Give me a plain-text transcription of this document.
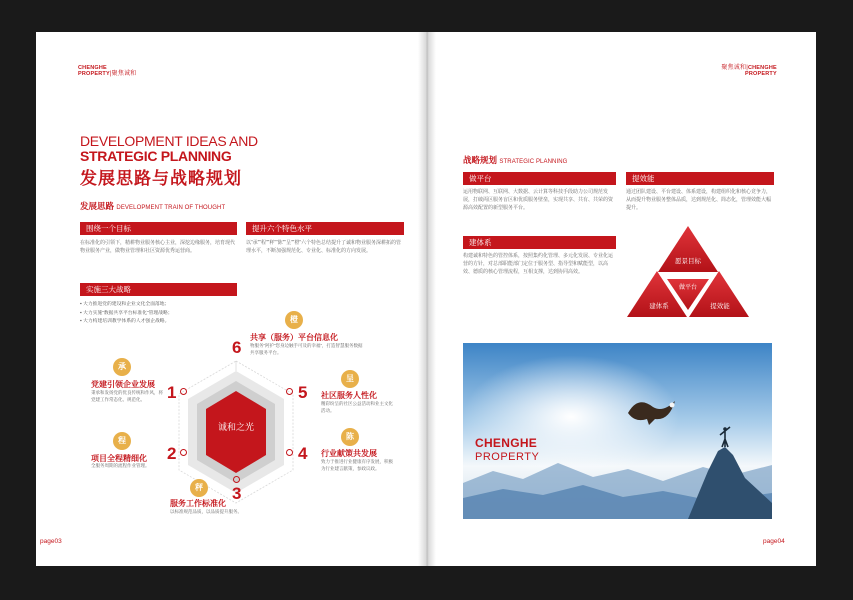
CHENGHE
PROPERTY|聚焦诚和
DEVELOPMENT IDEAS AND
STRATEGIC PLANNING
发展思路与战略规划
发展思路 DEVELOPMENT TRAIN OF THOUGHT
围绕一个目标
在标准化的引领下，精耕物业服务核心主业，深挖边缘服务，培育现代物业服务产业，做物业管理和社区资源优秀运营商。
提升六个特色水平
以“承”“程”“秤”“陈”“呈”“橙”六个特色总结提升了诚和物业服务深耕拓的管理水平，不断加强规范化、专业化、标准化的方向发展。
实施三大战略
▪ 大力推进党的建设和企业文化全面落地；
▪ 大力实施“数据共享平台标准化”管理战略；
▪ 大力构建培训教学体系的人才强企战略。
诚和之光
橙
6
共享（服务）平台信息化
物服务“阿护”您身边触手可及的幸福”，打造智慧服务数据共享服务平台。
承
党建引领企业发展
秉承和发扬党的优良传统和作风，将党建工作常态化、规范化。	1
程
项目全程精细化
全服务周期的流程作业管理。
2
秤 3
服务工作标准化
以标准规范品质，以品质提升服务。
呈
5 社区服务人性化
精彩纷呈的社区公益活动和业主文化活动。
陈
4 行业献策共发展
致力于推进行业健康有序发展，积极为行业建言献策，参政议政。
page03
聚焦诚和|CHENGHE
PROPERTY
战略规划 STRATEGIC PLANNING
做平台
运用物联网、互联网、大数据、云计算等科技手段助力公司规范发展，打破両区服务盲区和优质服务壁垒，实现共享、共有、共荣的资源高效配置的新型服务平台。
提效能
通过团队建设、平台建设、体系建设，构建组织化和核心竞争力，从而提升物业服务整体品质，达到规范化、简态化，管理效能大幅提升。
建体系
构建诚和特色的管控体系，按照集约化管理、多元化发展、专业化运营的方针，对总部职能部门定位于服务型、指导型和赋能型，以高效、德质的核心管理流程，互相支撑，达到协同高效。
愿景目标
做平台
建体系	提效能
CHENGHE
PROPERTY
page04
